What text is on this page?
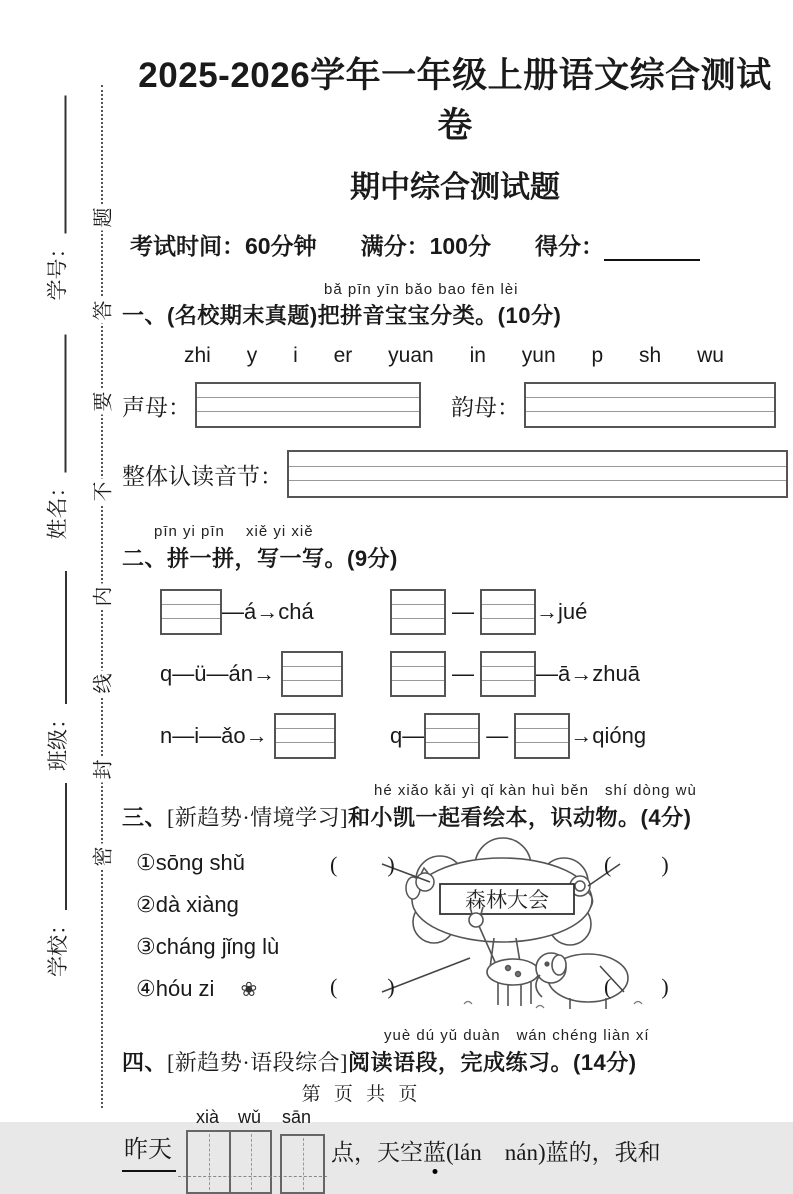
题
答
要
不
内
线
封
密
学号：
姓名：
班级：
学校：
2025-2026学年一年级上册语文综合测试卷
期中综合测试题
考试时间：60分钟 满分：100分 得分：
bǎ pīn yīn bǎo bao fēn lèi
一、(名校期末真题)把拼音宝宝分类。(10分)
zhi y i er yuan in yun p sh wu
声母：	韵母：
整体认读音节：
pīn yi pīn　 xiě yi xiě
二、拼一拼，写一写。(9分)
—á→chá	—	→jué
q—ü—án→	—	—ā→zhuā
n—i—ǎo→	q—	—	→qióng
hé xiǎo kǎi yì qǐ kàn huì běn　shí dòng wù
三、[新趋势·情境学习]和小凯一起看绘本，识动物。(4分)
①sōng shǔ
②dà xiàng
③cháng jǐng lù
④hóu zi ❀
森林大会
(　　)	(　　)
(　　)	(　　)
yuè dú yǔ duàn　wán chéng liàn xí
四、[新趋势·语段综合]阅读语段，完成练习。(14分)
昨天
xià	wǔ	sān
点，天空蓝(lán　nán)蓝的，我和
第 页 共 页
